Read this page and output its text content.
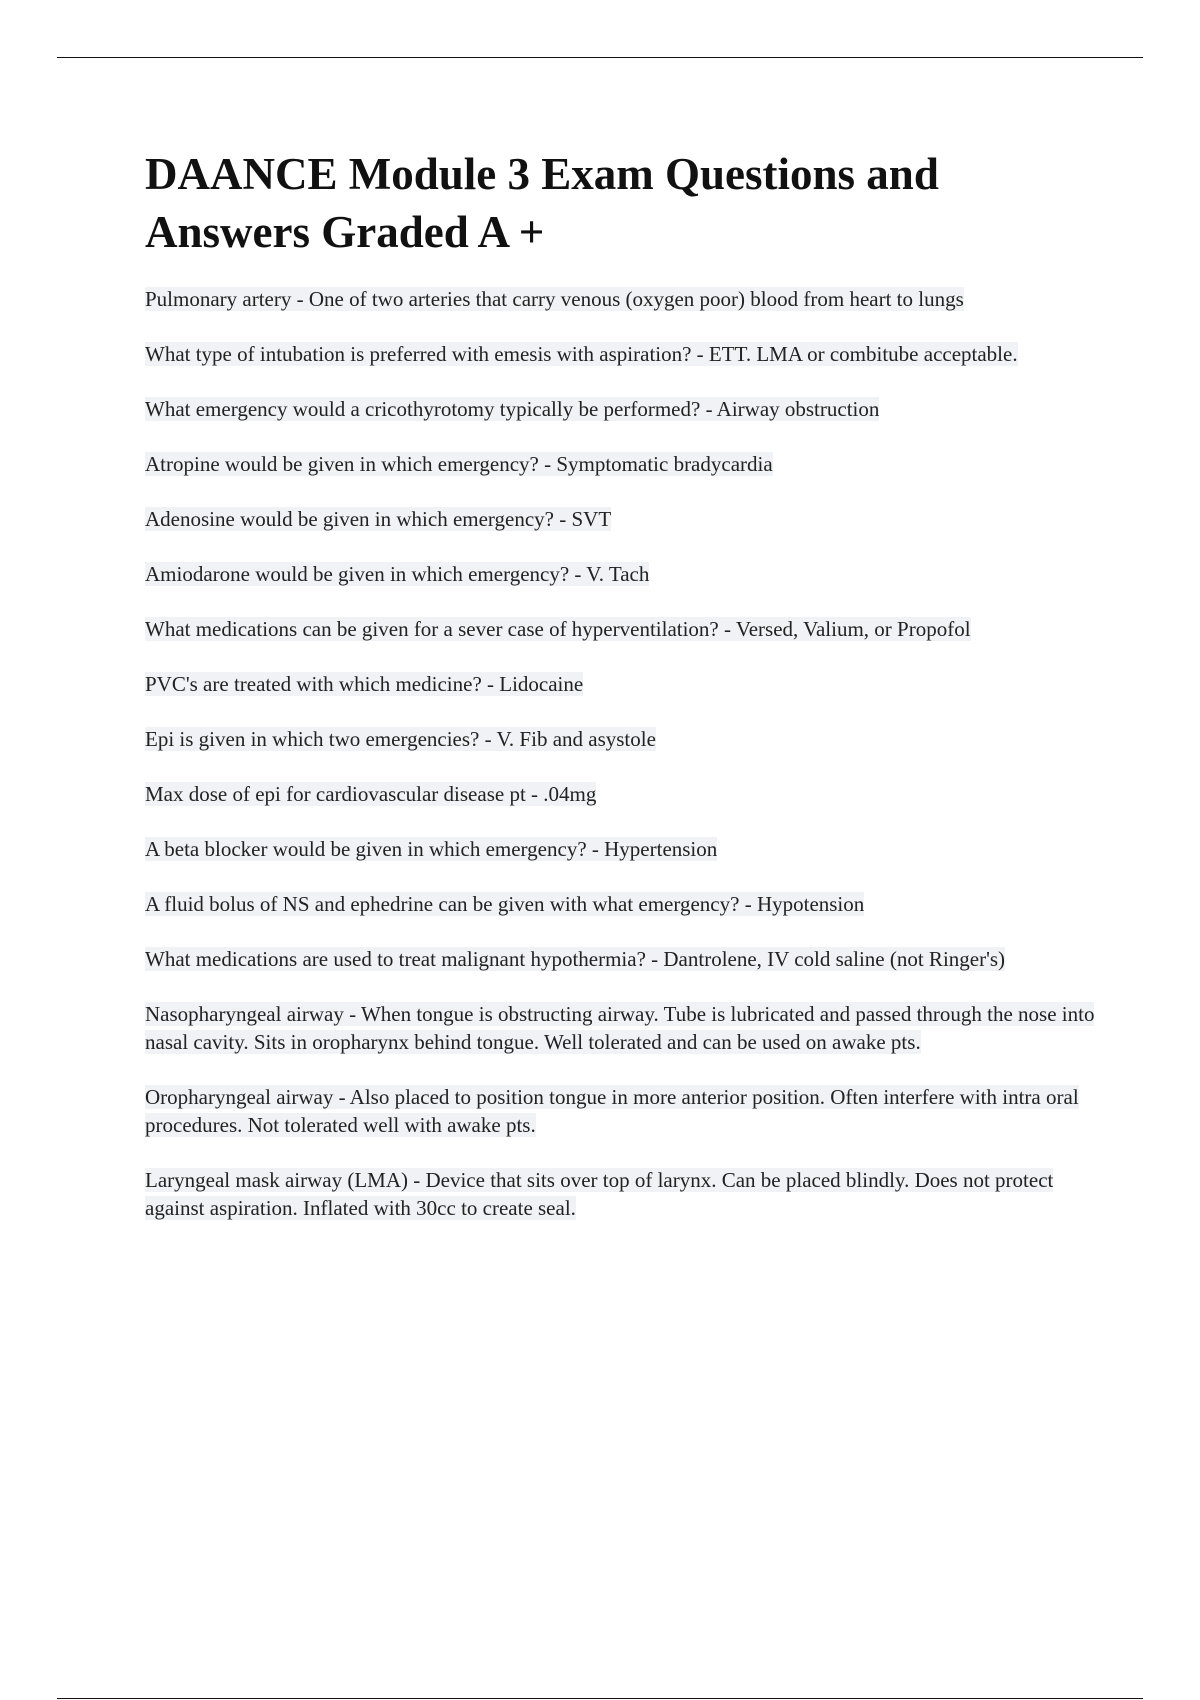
DAANCE Module 3 Exam Questions and Answers Graded A +
Pulmonary artery - One of two arteries that carry venous (oxygen poor) blood from heart to lungs
What type of intubation is preferred with emesis with aspiration? - ETT. LMA or combitube acceptable.
What emergency would a cricothyrotomy typically be performed? - Airway obstruction
Atropine would be given in which emergency? - Symptomatic bradycardia
Adenosine would be given in which emergency? - SVT
Amiodarone would be given in which emergency? - V. Tach
What medications can be given for a sever case of hyperventilation? - Versed, Valium, or Propofol
PVC's are treated with which medicine? - Lidocaine
Epi is given in which two emergencies? - V. Fib and asystole
Max dose of epi for cardiovascular disease pt - .04mg
A beta blocker would be given in which emergency? - Hypertension
A fluid bolus of NS and ephedrine can be given with what emergency? - Hypotension
What medications are used to treat malignant hypothermia? - Dantrolene, IV cold saline (not Ringer's)
Nasopharyngeal airway - When tongue is obstructing airway. Tube is lubricated and passed through the nose into nasal cavity. Sits in oropharynx behind tongue. Well tolerated and can be used on awake pts.
Oropharyngeal airway - Also placed to position tongue in more anterior position. Often interfere with intra oral procedures. Not tolerated well with awake pts.
Laryngeal mask airway (LMA) - Device that sits over top of larynx. Can be placed blindly. Does not protect against aspiration. Inflated with 30cc to create seal.
